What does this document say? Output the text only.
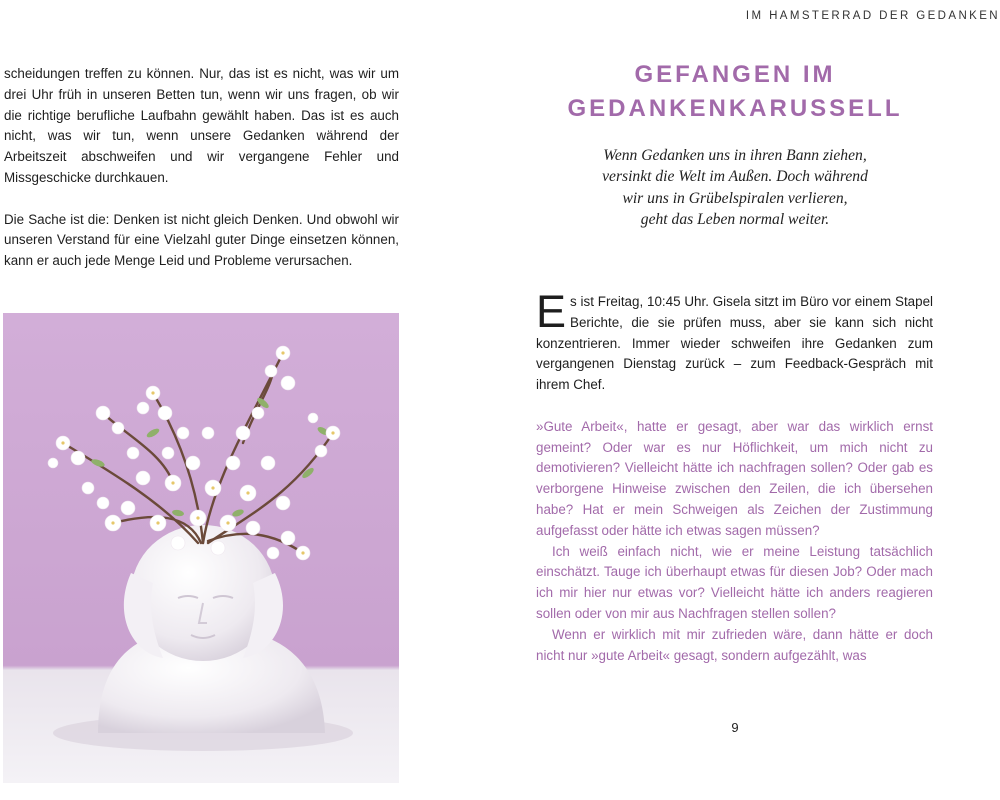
IM HAMSTERRAD DER GEDANKEN

scheidungen treffen zu können. Nur, das ist es nicht, was wir um drei Uhr früh in unseren Betten tun, wenn wir uns fragen, ob wir die richtige berufliche Laufbahn gewählt haben. Das ist es auch nicht, was wir tun, wenn unsere Gedanken während der Arbeitszeit abschweifen und wir vergangene Fehler und Missgeschicke durchkauen.

Die Sache ist die: Denken ist nicht gleich Denken. Und obwohl wir unseren Verstand für eine Vielzahl guter Dinge einsetzen können, kann er auch jede Menge Leid und Probleme verursachen.

GEFANGEN IM
GEDANKENKARUSSELL
Wenn Gedanken uns in ihren Bann ziehen,
versinkt die Welt im Außen. Doch während
wir uns in Grübelspiralen verlieren,
geht das Leben normal weiter.

Es ist Freitag, 10:45 Uhr. Gisela sitzt im Büro vor einem Stapel Berichte, die sie prüfen muss, aber sie kann sich nicht konzentrieren. Immer wieder schweifen ihre Gedanken zum vergangenen Dienstag zurück – zum Feedback-Gespräch mit ihrem Chef.

»Gute Arbeit«, hatte er gesagt, aber war das wirklich ernst gemeint? Oder war es nur Höflichkeit, um mich nicht zu demotivieren? Vielleicht hätte ich nachfragen sollen? Oder gab es verborgene Hinweise zwischen den Zeilen, die ich übersehen habe? Hat er mein Schweigen als Zeichen der Zustimmung aufgefasst oder hätte ich etwas sagen müssen?

Ich weiß einfach nicht, wie er meine Leistung tatsächlich einschätzt. Tauge ich überhaupt etwas für diesen Job? Oder mach ich mir hier nur etwas vor? Vielleicht hätte ich anders reagieren sollen oder von mir aus Nachfragen stellen sollen?

Wenn er wirklich mit mir zufrieden wäre, dann hätte er doch nicht nur »gute Arbeit« gesagt, sondern aufgezählt, was

9
